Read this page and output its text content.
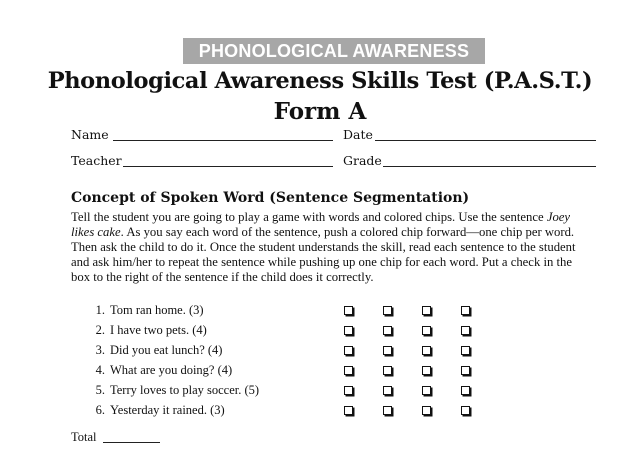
PHONOLOGICAL AWARENESS
Phonological Awareness Skills Test (P.A.S.T.)
Form A
Name	Date
Teacher	Grade
Concept of Spoken Word (Sentence Segmentation)
Tell the student you are going to play a game with words and colored chips. Use the sentence Joey likes cake. As you say each word of the sentence, push a colored chip forward—one chip per word. Then ask the child to do it. Once the student understands the skill, read each sentence to the student and ask him/her to repeat the sentence while pushing up one chip for each word. Put a check in the box to the right of the sentence if the child does it correctly.
1. Tom ran home. (3)
2. I have two pets. (4)
3. Did you eat lunch? (4)
4. What are you doing? (4)
5. Terry loves to play soccer. (5)
6. Yesterday it rained. (3)
Total
